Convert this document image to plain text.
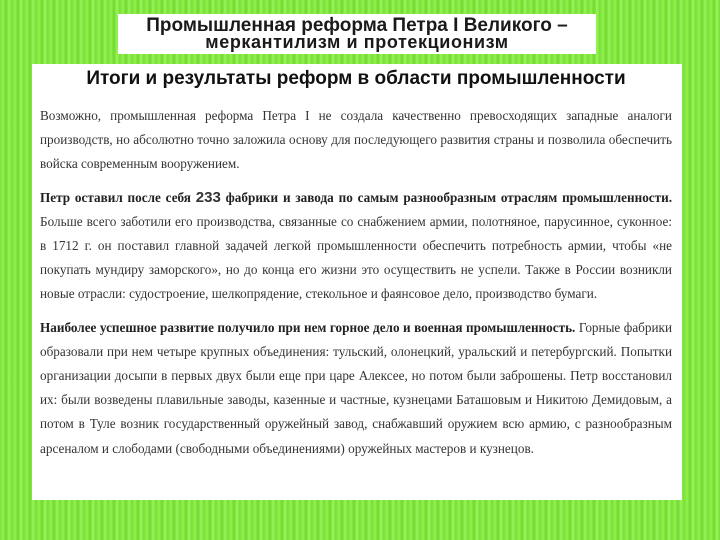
Промышленная реформа Петра I Великого –
меркантилизм и протекционизм
Итоги и результаты реформ в области промышленности

Возможно, промышленная реформа Петра I не создала качественно превосходящих западные аналоги производств, но абсолютно точно заложила основу для последующего развития страны и позволила обеспечить войска современным вооружением.

Петр оставил после себя 233 фабрики и завода по самым разнообразным отраслям промышленности. Больше всего заботили его производства, связанные со снабжением армии, полотняное, парусинное, суконное: в 1712 г. он поставил главной задачей легкой промышленности обеспечить потребность армии, чтобы «не покупать мундиру заморского», но до конца его жизни это осуществить не успели. Также в России возникли новые отрасли: судостроение, шелкопрядение, стекольное и фаянсовое дело, производство бумаги.

Наиболее успешное развитие получило при нем горное дело и военная промышленность. Горные фабрики образовали при нем четыре крупных объединения: тульский, олонецкий, уральский и петербургский. Попытки организации досыпи в первых двух были еще при царе Алексее, но потом были заброшены. Петр восстановил их: были возведены плавильные заводы, казенные и частные, кузнецами Баташовым и Никитою Демидовым, а потом в Туле возник государственный оружейный завод, снабжавший оружием всю армию, с разнообразным арсеналом и слободами (свободными объединениями) оружейных мастеров и кузнецов.
